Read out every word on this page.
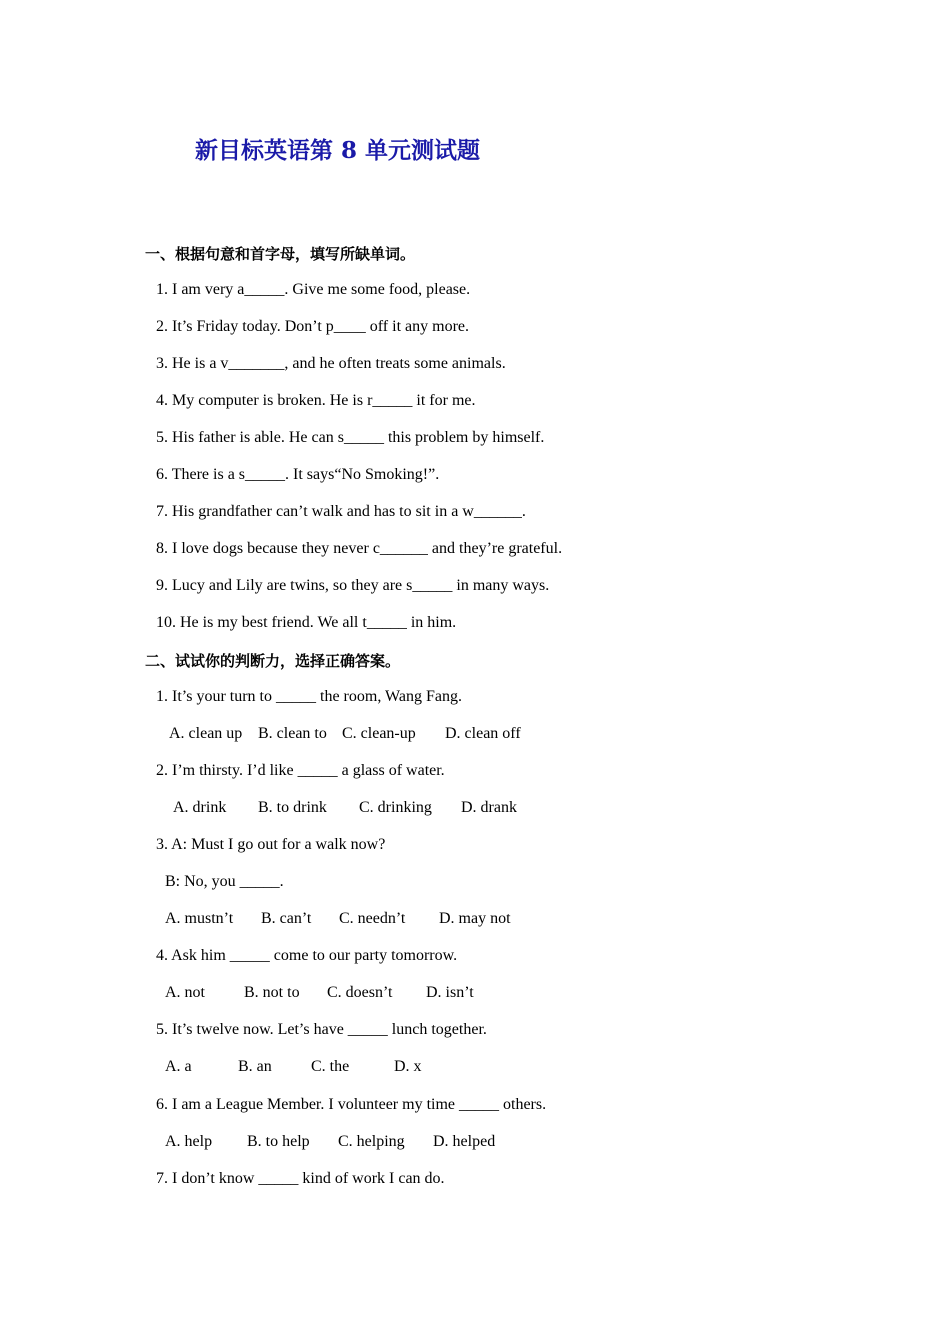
新目标英语第 8 单元测试题
一、根据句意和首字母，填写所缺单词。
1. I am very a_____. Give me some food, please.
2. It’s Friday today. Don’t p____ off it any more.
3. He is a v_______, and he often treats some animals.
4. My computer is broken. He is r_____ it for me.
5. His father is able. He can s_____ this problem by himself.
6. There is a s_____. It says“No Smoking!”.
7. His grandfather can’t walk and has to sit in a w______.
8. I love dogs because they never c______ and they’re grateful.
9. Lucy and Lily are twins, so they are s_____ in many ways.
10. He is my best friend. We all t_____ in him.
二、试试你的判断力，选择正确答案。
1. It’s your turn to _____ the room, Wang Fang.
A. clean up B. clean to C. clean-up D. clean off
2. I’m thirsty. I’d like _____ a glass of water.
A. drink B. to drink C. drinking D. drank
3. A: Must I go out for a walk now?
B: No, you _____.
A. mustn’t B. can’t C. needn’t D. may not
4. Ask him _____ come to our party tomorrow.
A. not B. not to C. doesn’t D. isn’t
5. It’s twelve now. Let’s have _____ lunch together.
A. a	B. an C. the	D. x
6. I am a League Member. I volunteer my time _____ others.
A. help B. to help C. helping D. helped
7. I don’t know _____ kind of work I can do.
